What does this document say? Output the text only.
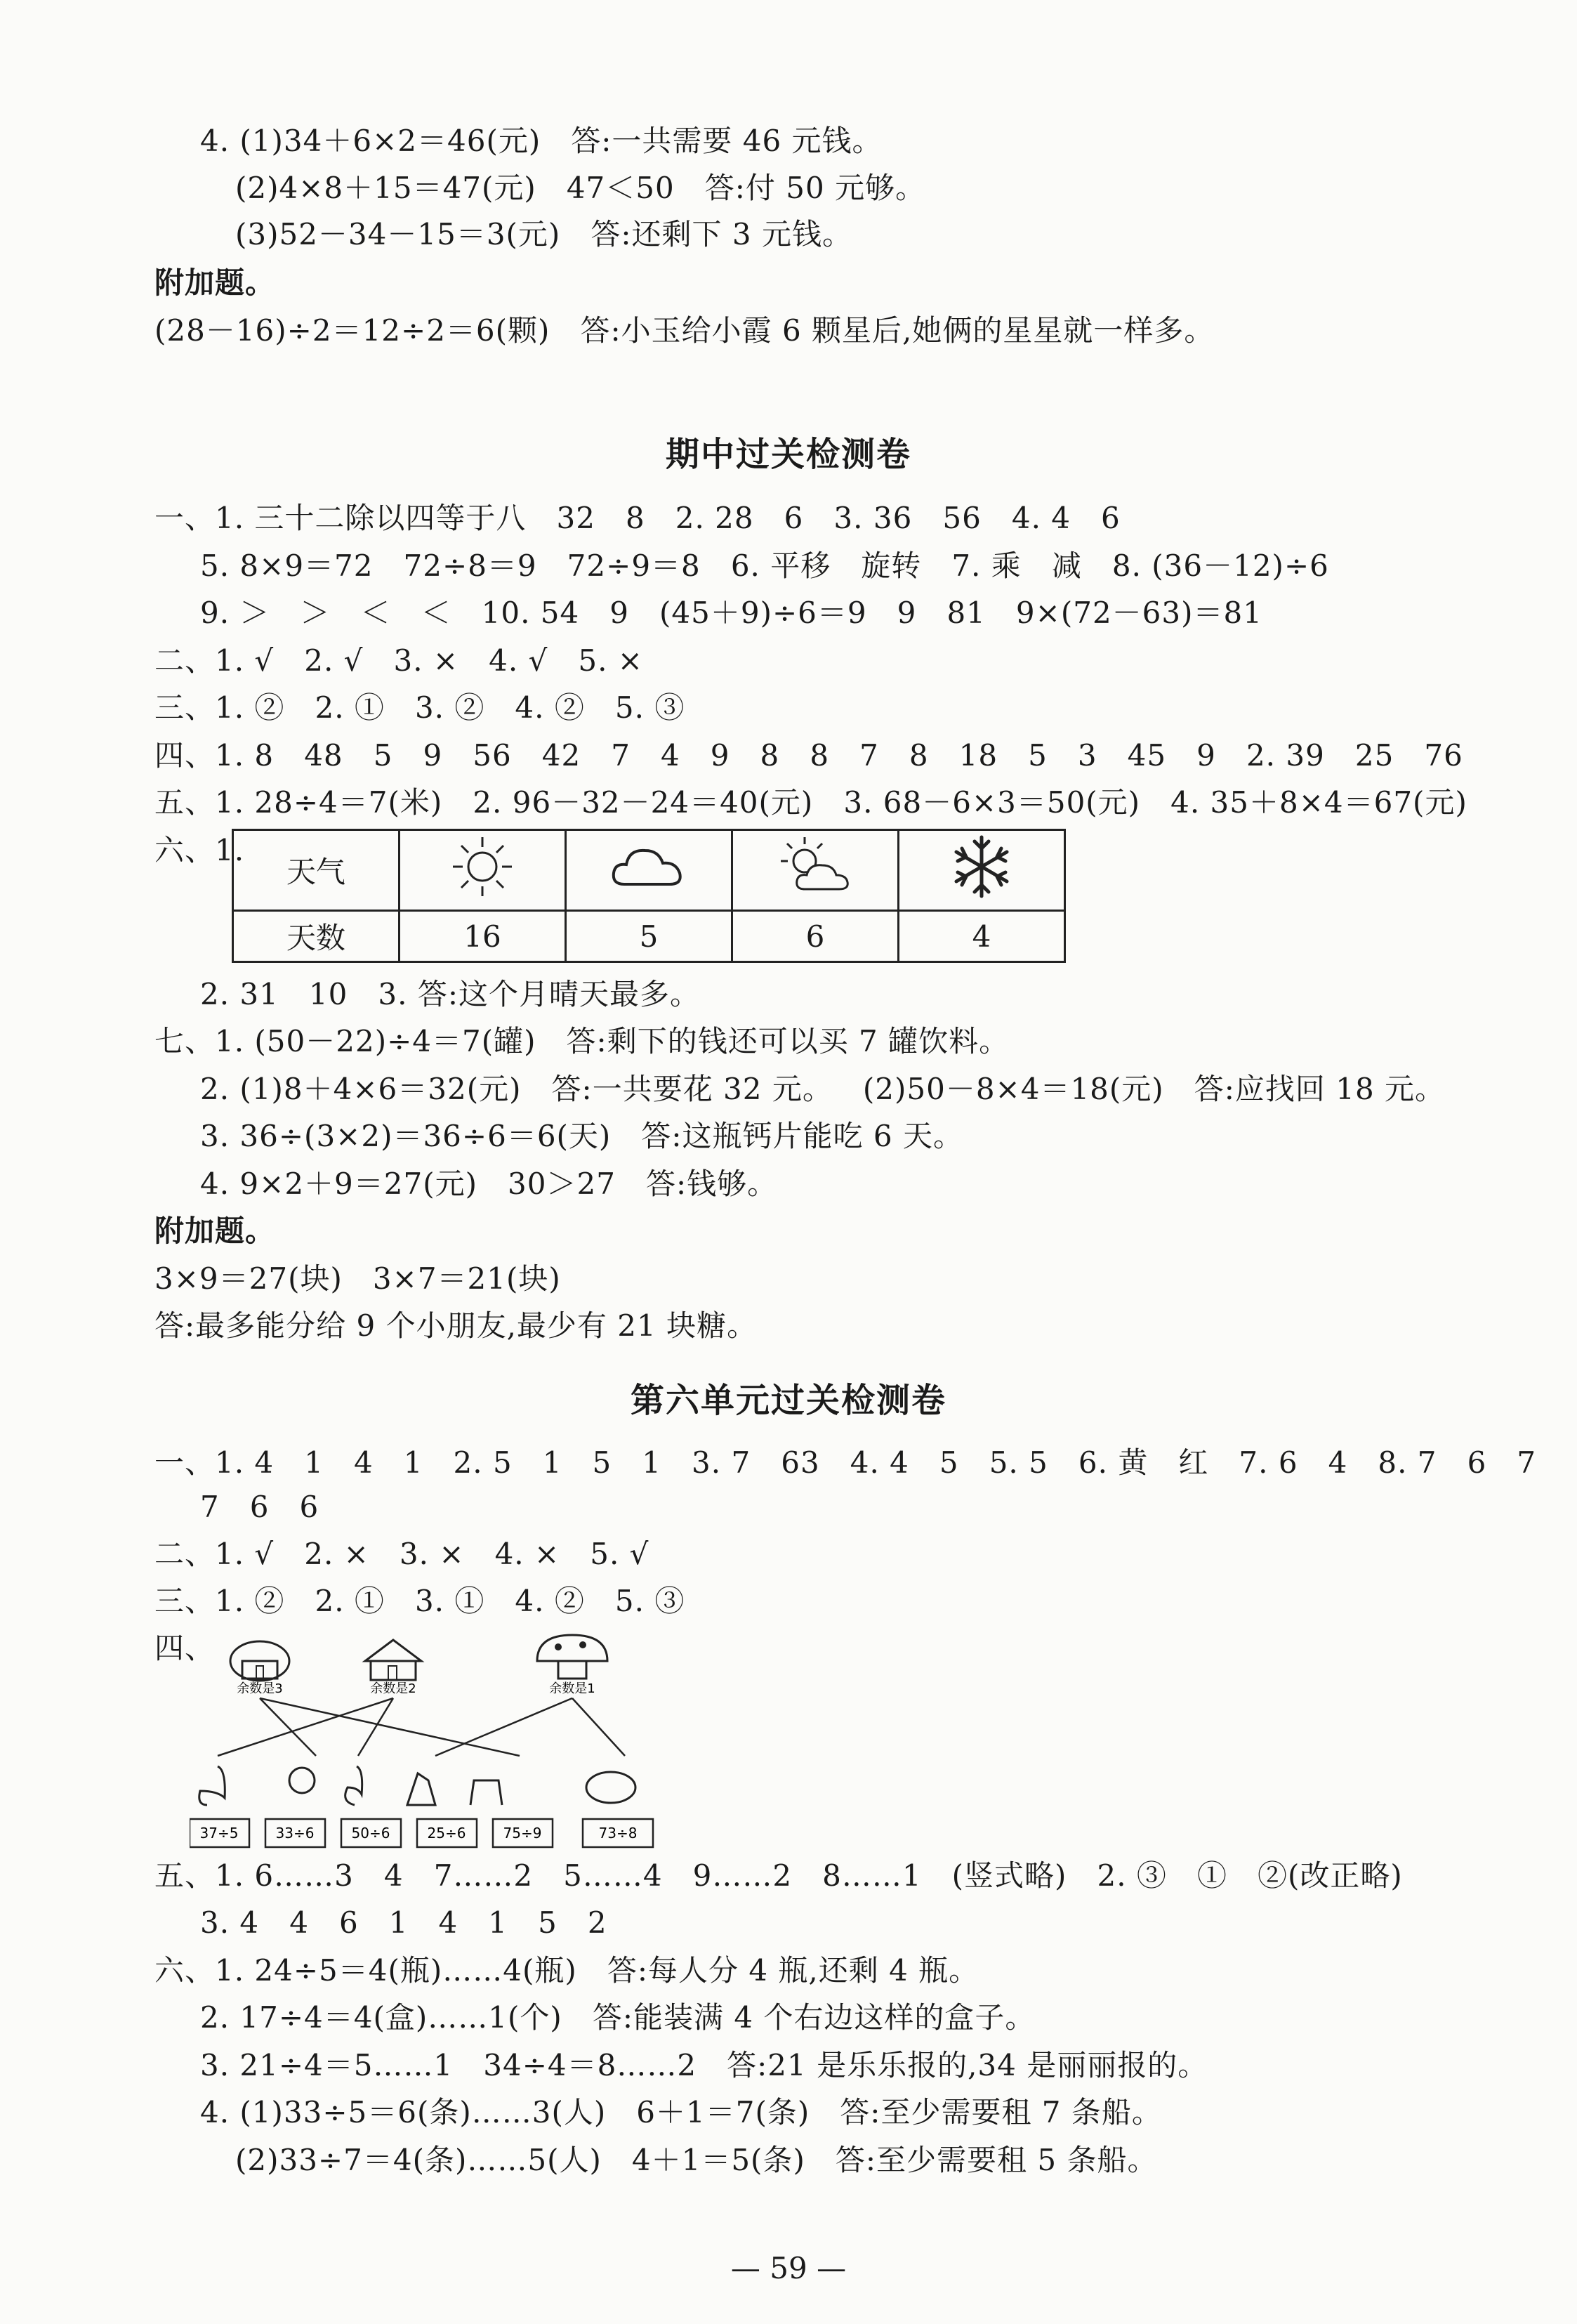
4. (1)34＋6×2＝46(元)   答:一共需要 46 元钱。
(2)4×8＋15＝47(元)   47＜50   答:付 50 元够。
(3)52－34－15＝3(元)   答:还剩下 3 元钱。
附加题。
(28－16)÷2＝12÷2＝6(颗)   答:小玉给小霞 6 颗星后,她俩的星星就一样多。
期中过关检测卷
一、1. 三十二除以四等于八   32   8   2. 28   6   3. 36   56   4. 4   6
5. 8×9＝72   72÷8＝9   72÷9＝8   6. 平移   旋转   7. 乘   减   8. (36－12)÷6
9. ＞   ＞   ＜   ＜   10. 54   9   (45＋9)÷6＝9   9   81   9×(72－63)＝81
二、1. √   2. √   3. ×   4. √   5. ×
三、1. ②   2. ①   3. ②   4. ②   5. ③
四、1. 8   48   5   9   56   42   7   4   9   8   8   7   8   18   5   3   45   9   2. 39   25   76
五、1. 28÷4＝7(米)   2. 96－32－24＝40(元)   3. 68－6×3＝50(元)   4. 35＋8×4＝67(元)
六、1.
天气				
天数	16	5	6	4
2. 31   10   3. 答:这个月晴天最多。
七、1. (50－22)÷4＝7(罐)   答:剩下的钱还可以买 7 罐饮料。
2. (1)8＋4×6＝32(元)   答:一共要花 32 元。   (2)50－8×4＝18(元)   答:应找回 18 元。
3. 36÷(3×2)＝36÷6＝6(天)   答:这瓶钙片能吃 6 天。
4. 9×2＋9＝27(元)   30＞27   答:钱够。
附加题。
3×9＝27(块)   3×7＝21(块)
答:最多能分给 9 个小朋友,最少有 21 块糖。
第六单元过关检测卷
一、1. 4   1   4   1   2. 5   1   5   1   3. 7   63   4. 4   5   5. 5   6. 黄   红   7. 6   4   8. 7   6   7
7   6   6
二、1. √   2. ×   3. ×   4. ×   5. √
三、1. ②   2. ①   3. ①   4. ②   5. ③
四、
余数是3	余数是2	余数是1
37÷5	33÷6	50÷6	25÷6	75÷9	73÷8
五、1. 6……3   4   7……2   5……4   9……2   8……1   (竖式略)   2. ③   ①   ②(改正略)
3. 4   4   6   1   4   1   5   2
六、1. 24÷5＝4(瓶)……4(瓶)   答:每人分 4 瓶,还剩 4 瓶。
2. 17÷4＝4(盒)……1(个)   答:能装满 4 个右边这样的盒子。
3. 21÷4＝5……1   34÷4＝8……2   答:21 是乐乐报的,34 是丽丽报的。
4. (1)33÷5＝6(条)……3(人)   6＋1＝7(条)   答:至少需要租 7 条船。
(2)33÷7＝4(条)……5(人)   4＋1＝5(条)   答:至少需要租 5 条船。
— 59 —
